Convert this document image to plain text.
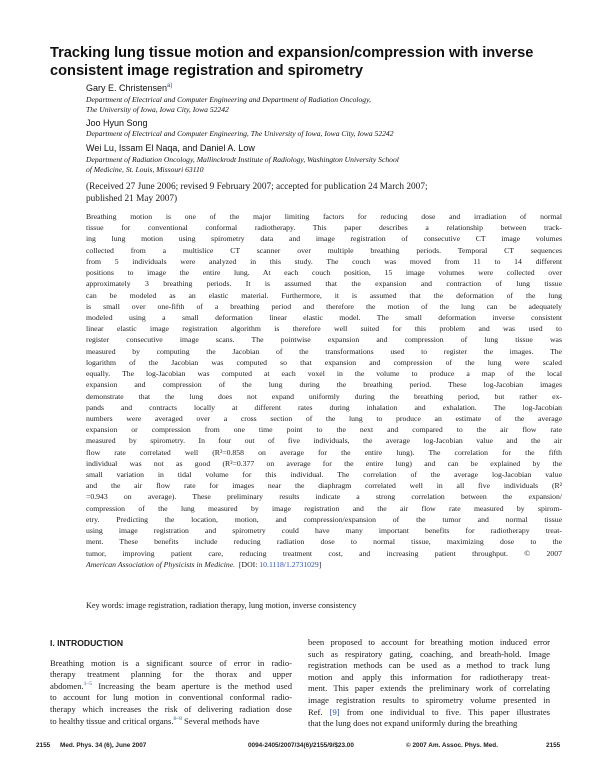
Tracking lung tissue motion and expansion/compression with inverse
consistent image registration and spirometry
Gary E. Christensen$^{a)}$
Department of Electrical and Computer Engineering and Department of Radiation Oncology,
The University of Iowa, Iowa City, Iowa 52242
Joo Hyun Song
Department of Electrical and Computer Engineering, The University of Iowa, Iowa City, Iowa 52242
Wei Lu, Issam El Naqa, and Daniel A. Low
Department of Radiation Oncology, Mallinckrodt Institute of Radiology, Washington University School
of Medicine, St. Louis, Missouri 63110
(Received 27 June 2006; revised 9 February 2007; accepted for publication 24 March 2007;
published 21 May 2007)
Breathing motion is one of the major limiting factors for reducing dose and irradiation of normal
tissue for conventional conformal radiotherapy. This paper describes a relationship between track-
ing lung motion using spirometry data and image registration of consecutive CT image volumes
collected from a multislice CT scanner over multiple breathing periods. Temporal CT sequences
from 5 individuals were analyzed in this study. The couch was moved from 11 to 14 different
positions to image the entire lung. At each couch position, 15 image volumes were collected over
approximately 3 breathing periods. It is assumed that the expansion and contraction of lung tissue
can be modeled as an elastic material. Furthermore, it is assumed that the deformation of the lung
is small over one-fifth of a breathing period and therefore the motion of the lung can be adequately
modeled using a small deformation linear elastic model. The small deformation inverse consistent
linear elastic image registration algorithm is therefore well suited for this problem and was used to
register consecutive image scans. The pointwise expansion and compression of lung tissue was
measured by computing the Jacobian of the transformations used to register the images. The
logarithm of the Jacobian was computed so that expansion and compression of the lung were scaled
equally. The log-Jacobian was computed at each voxel in the volume to produce a map of the local
expansion and compression of the lung during the breathing period. These log-Jacobian images
demonstrate that the lung does not expand uniformly during the breathing period, but rather ex-
pands and contracts locally at different rates during inhalation and exhalation. The log-Jacobian
numbers were averaged over a cross section of the lung to produce an estimate of the average
expansion or compression from one time point to the next and compared to the air flow rate
measured by spirometry. In four out of five individuals, the average log-Jacobian value and the air
flow rate correlated well (R²=0.858 on average for the entire lung). The correlation for the fifth
individual was not as good (R²=0.377 on average for the entire lung) and can be explained by the
small variation in tidal volume for this individual. The correlation of the average log-Jacobian value
and the air flow rate for images near the diaphragm correlated well in all five individuals (R²
=0.943 on average). These preliminary results indicate a strong correlation between the expansion/
compression of the lung measured by image registration and the air flow rate measured by spirom-
etry. Predicting the location, motion, and compression/expansion of the tumor and normal tissue
using image registration and spirometry could have many important benefits for radiotherapy treat-
ment. These benefits include reducing radiation dose to normal tissue, maximizing dose to the
tumor, improving patient care, reducing treatment cost, and increasing patient throughput. © 2007
American Association of Physicists in Medicine. [DOI: 10.1118/1.2731029]
Key words: image registration, radiation therapy, lung motion, inverse consistency
I. INTRODUCTION
Breathing motion is a significant source of error in radio-
therapy treatment planning for the thorax and upper
abdomen.$^{1-5}$ Increasing the beam aperture is the method used
to account for lung motion in conventional conformal radio-
therapy which increases the risk of delivering radiation dose
to healthy tissue and critical organs.$^{6-8}$ Several methods have
been proposed to account for breathing motion induced error
such as respiratory gating, coaching, and breath-hold. Image
registration methods can be used as a method to track lung
motion and apply this information for radiotherapy treat-
ment. This paper extends the preliminary work of correlating
image registration results to spirometry volume presented in
Ref. [9] from one individual to five. This paper illustrates
that the lung does not expand uniformly during the breathing
2155 Med. Phys. 34 (6), June 2007	0094-2405/2007/34(6)/2155/9/$23.00	© 2007 Am. Assoc. Phys. Med.	2155
